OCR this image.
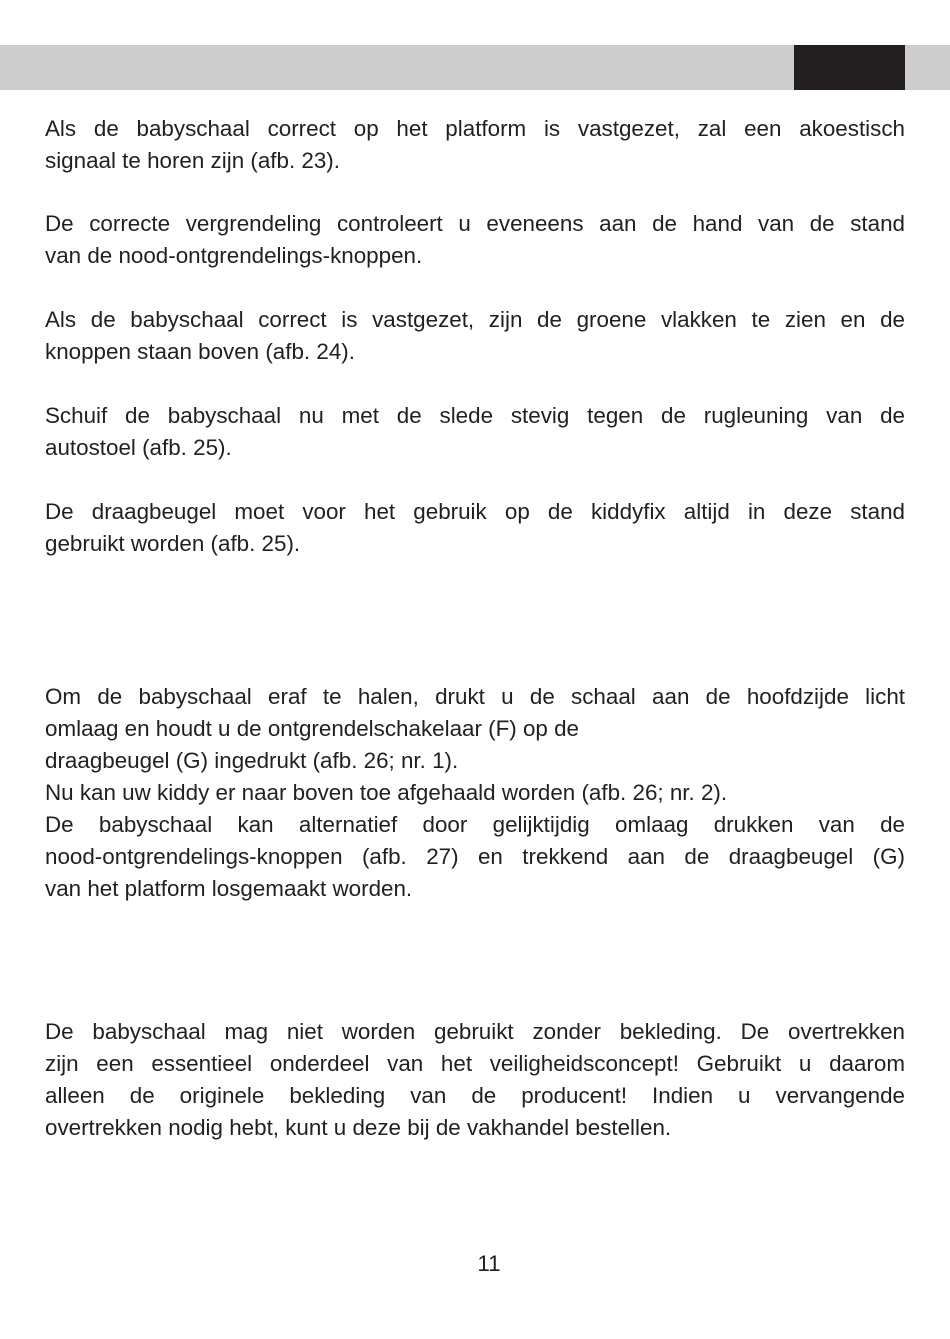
Als de babyschaal correct op het platform is vastgezet, zal een akoestisch
signaal te horen zijn (afb. 23).
De correcte vergrendeling controleert u eveneens aan de hand van de stand
van de nood-ontgrendelings-knoppen.
Als de babyschaal correct is vastgezet, zijn de groene vlakken te zien en de
knoppen staan boven (afb. 24).
Schuif de babyschaal nu met de slede stevig tegen de rugleuning van de
autostoel (afb. 25).
De draagbeugel moet voor het gebruik op de kiddyfix altijd in deze stand
gebruikt worden (afb. 25).
Om de babyschaal eraf te halen, drukt u de schaal aan de hoofdzijde licht
omlaag en houdt u de ontgrendelschakelaar (F) op de
draagbeugel (G) ingedrukt (afb. 26; nr. 1).
Nu kan uw kiddy er naar boven toe afgehaald worden (afb. 26; nr. 2).
De babyschaal kan alternatief door gelijktijdig omlaag drukken van de
nood-ontgrendelings-knoppen (afb. 27) en trekkend aan de draagbeugel (G)
van het platform losgemaakt worden.
De babyschaal mag niet worden gebruikt zonder bekleding. De overtrekken
zijn een essentieel onderdeel van het veiligheidsconcept! Gebruikt u daarom
alleen de originele bekleding van de producent! Indien u vervangende
overtrekken nodig hebt, kunt u deze bij de vakhandel bestellen.
11
